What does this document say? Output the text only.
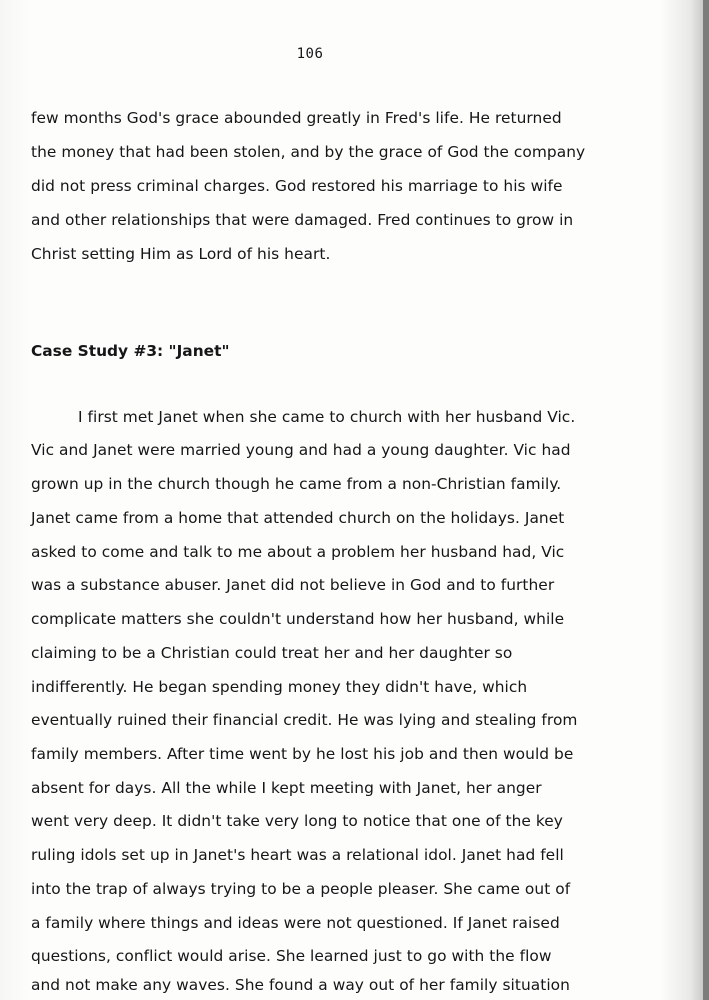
106
few months God's grace abounded greatly in Fred's life. He returned
the money that had been stolen, and by the grace of God the company
did not press criminal charges. God restored his marriage to his wife
and other relationships that were damaged. Fred continues to grow in
Christ setting Him as Lord of his heart.
Case Study #3: "Janet"
I first met Janet when she came to church with her husband Vic.
Vic and Janet were married young and had a young daughter. Vic had
grown up in the church though he came from a non-Christian family.
Janet came from a home that attended church on the holidays. Janet
asked to come and talk to me about a problem her husband had, Vic
was a substance abuser. Janet did not believe in God and to further
complicate matters she couldn't understand how her husband, while
claiming to be a Christian could treat her and her daughter so
indifferently. He began spending money they didn't have, which
eventually ruined their financial credit. He was lying and stealing from
family members. After time went by he lost his job and then would be
absent for days. All the while I kept meeting with Janet, her anger
went very deep. It didn't take very long to notice that one of the key
ruling idols set up in Janet's heart was a relational idol. Janet had fell
into the trap of always trying to be a people pleaser. She came out of
a family where things and ideas were not questioned. If Janet raised
questions, conflict would arise. She learned just to go with the flow
and not make any waves. She found a way out of her family situation
